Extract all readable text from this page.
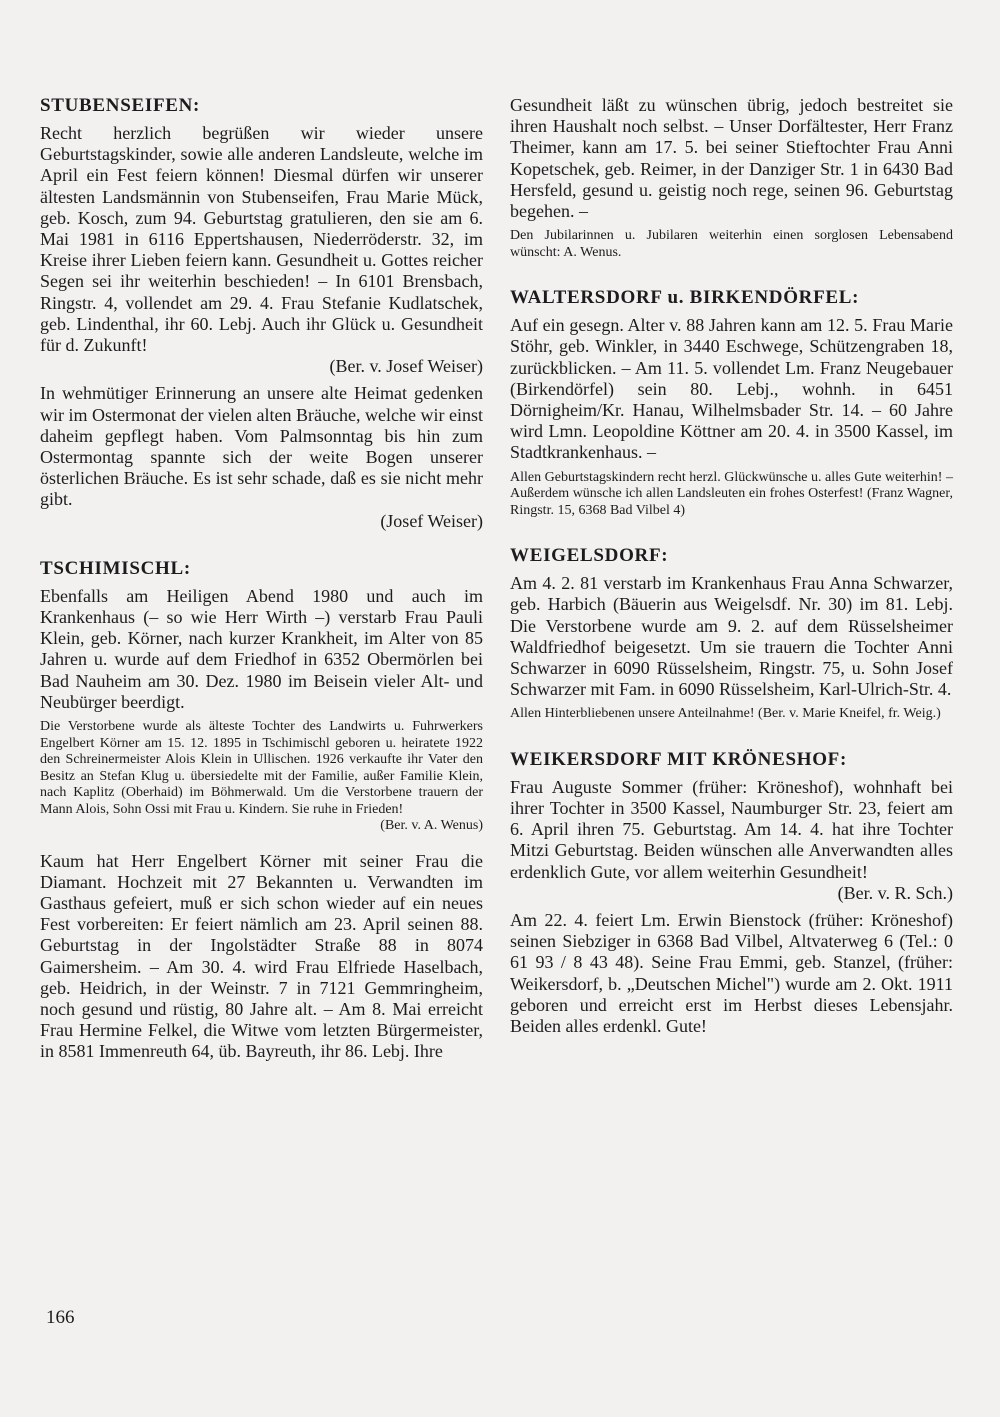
STUBENSEIFEN:

Recht herzlich begrüßen wir wieder unsere Geburtstagskinder, sowie alle anderen Landsleute, welche im April ein Fest feiern können! Diesmal dürfen wir unserer ältesten Landsmännin von Stubenseifen, Frau Marie Mück, geb. Kosch, zum 94. Geburtstag gratulieren, den sie am 6. Mai 1981 in 6116 Eppertshausen, Niederröderstr. 32, im Kreise ihrer Lieben feiern kann. Gesundheit u. Gottes reicher Segen sei ihr weiterhin beschieden! – In 6101 Brensbach, Ringstr. 4, vollendet am 29. 4. Frau Stefanie Kudlatschek, geb. Lindenthal, ihr 60. Lebj. Auch ihr Glück u. Gesundheit für d. Zukunft!

(Ber. v. Josef Weiser)

In wehmütiger Erinnerung an unsere alte Heimat gedenken wir im Ostermonat der vielen alten Bräuche, welche wir einst daheim gepflegt haben. Vom Palmsonntag bis hin zum Ostermontag spannte sich der weite Bogen unserer österlichen Bräuche. Es ist sehr schade, daß es sie nicht mehr gibt.

(Josef Weiser)

TSCHIMISCHL:

Ebenfalls am Heiligen Abend 1980 und auch im Krankenhaus (– so wie Herr Wirth –) verstarb Frau Pauli Klein, geb. Körner, nach kurzer Krankheit, im Alter von 85 Jahren u. wurde auf dem Friedhof in 6352 Obermörlen bei Bad Nauheim am 30. Dez. 1980 im Beisein vieler Alt- und Neubürger beerdigt.

Die Verstorbene wurde als älteste Tochter des Landwirts u. Fuhrwerkers Engelbert Körner am 15. 12. 1895 in Tschimischl geboren u. heiratete 1922 den Schreinermeister Alois Klein in Ullischen. 1926 verkaufte ihr Vater den Besitz an Stefan Klug u. übersiedelte mit der Familie, außer Familie Klein, nach Kaplitz (Oberhaid) im Böhmerwald. Um die Verstorbene trauern der Mann Alois, Sohn Ossi mit Frau u. Kindern. Sie ruhe in Frieden!

(Ber. v. A. Wenus)

Kaum hat Herr Engelbert Körner mit seiner Frau die Diamant. Hochzeit mit 27 Bekannten u. Verwandten im Gasthaus gefeiert, muß er sich schon wieder auf ein neues Fest vorbereiten: Er feiert nämlich am 23. April seinen 88. Geburtstag in der Ingolstädter Straße 88 in 8074 Gaimersheim. – Am 30. 4. wird Frau Elfriede Haselbach, geb. Heidrich, in der Weinstr. 7 in 7121 Gemmringheim, noch gesund und rüstig, 80 Jahre alt. – Am 8. Mai erreicht Frau Hermine Felkel, die Witwe vom letzten Bürgermeister, in 8581 Immenreuth 64, üb. Bayreuth, ihr 86. Lebj. Ihre

Gesundheit läßt zu wünschen übrig, jedoch bestreitet sie ihren Haushalt noch selbst. – Unser Dorfältester, Herr Franz Theimer, kann am 17. 5. bei seiner Stieftochter Frau Anni Kopetschek, geb. Reimer, in der Danziger Str. 1 in 6430 Bad Hersfeld, gesund u. geistig noch rege, seinen 96. Geburtstag begehen. –

Den Jubilarinnen u. Jubilaren weiterhin einen sorglosen Lebensabend wünscht: A. Wenus.

WALTERSDORF u. BIRKENDÖRFEL:

Auf ein gesegn. Alter v. 88 Jahren kann am 12. 5. Frau Marie Stöhr, geb. Winkler, in 3440 Eschwege, Schützengraben 18, zurückblicken. – Am 11. 5. vollendet Lm. Franz Neugebauer (Birkendörfel) sein 80. Lebj., wohnh. in 6451 Dörnigheim/Kr. Hanau, Wilhelmsbader Str. 14. – 60 Jahre wird Lmn. Leopoldine Köttner am 20. 4. in 3500 Kassel, im Stadtkrankenhaus. –

Allen Geburtstagskindern recht herzl. Glückwünsche u. alles Gute weiterhin! – Außerdem wünsche ich allen Landsleuten ein frohes Osterfest! (Franz Wagner, Ringstr. 15, 6368 Bad Vilbel 4)

WEIGELSDORF:

Am 4. 2. 81 verstarb im Krankenhaus Frau Anna Schwarzer, geb. Harbich (Bäuerin aus Weigelsdf. Nr. 30) im 81. Lebj. Die Verstorbene wurde am 9. 2. auf dem Rüsselsheimer Waldfriedhof beigesetzt. Um sie trauern die Tochter Anni Schwarzer in 6090 Rüsselsheim, Ringstr. 75, u. Sohn Josef Schwarzer mit Fam. in 6090 Rüsselsheim, Karl-Ulrich-Str. 4.

Allen Hinterbliebenen unsere Anteilnahme! (Ber. v. Marie Kneifel, fr. Weig.)

WEIKERSDORF MIT KRÖNESHOF:

Frau Auguste Sommer (früher: Kröneshof), wohnhaft bei ihrer Tochter in 3500 Kassel, Naumburger Str. 23, feiert am 6. April ihren 75. Geburtstag. Am 14. 4. hat ihre Tochter Mitzi Geburtstag. Beiden wünschen alle Anverwandten alles erdenklich Gute, vor allem weiterhin Gesundheit!

(Ber. v. R. Sch.)

Am 22. 4. feiert Lm. Erwin Bienstock (früher: Kröneshof) seinen Siebziger in 6368 Bad Vilbel, Altvaterweg 6 (Tel.: 0 61 93 / 8 43 48). Seine Frau Emmi, geb. Stanzel, (früher: Weikersdorf, b. „Deutschen Michel") wurde am 2. Okt. 1911 geboren und erreicht erst im Herbst dieses Lebensjahr. Beiden alles erdenkl. Gute!

166
